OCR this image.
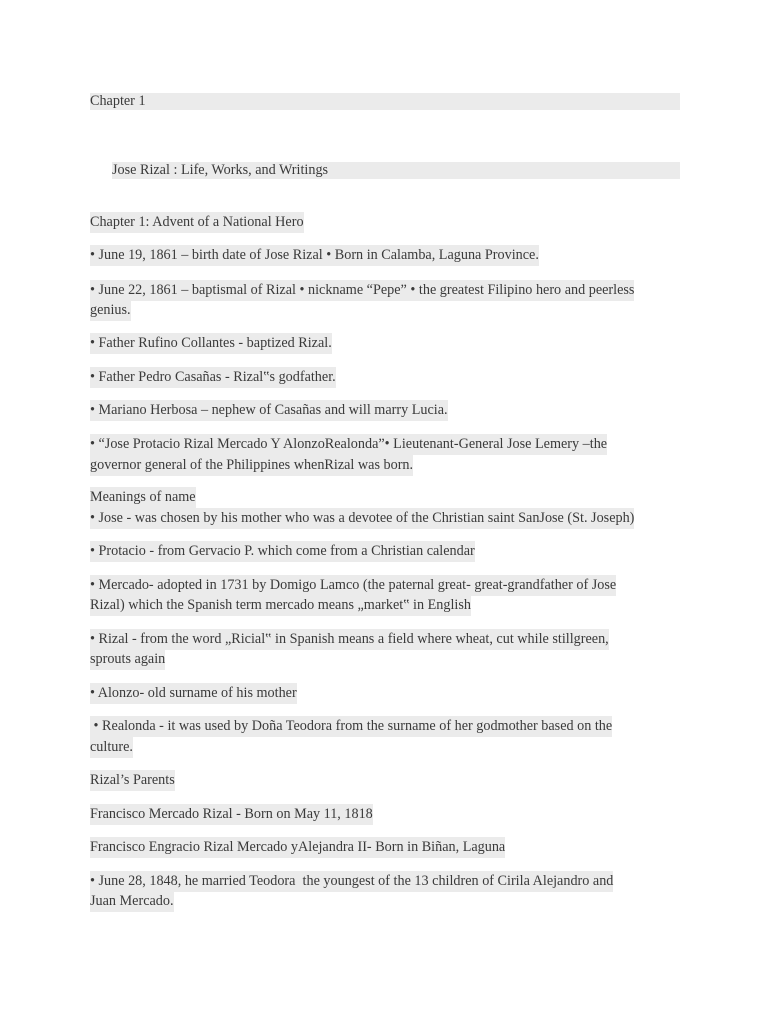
Chapter 1
Jose Rizal : Life, Works, and Writings
Chapter 1: Advent of a National Hero
• June 19, 1861 – birth date of Jose Rizal • Born in Calamba, Laguna Province.
• June 22, 1861 – baptismal of Rizal • nickname “Pepe” • the greatest Filipino hero and peerless
genius.
• Father Rufino Collantes - baptized Rizal.
• Father Pedro Casañas - Rizal‟s godfather.
• Mariano Herbosa – nephew of Casañas and will marry Lucia.
• “Jose Protacio Rizal Mercado Y AlonzoRealonda”• Lieutenant-General Jose Lemery –the
governor general of the Philippines whenRizal was born.
Meanings of name
• Jose - was chosen by his mother who was a devotee of the Christian saint SanJose (St. Joseph)
• Protacio - from Gervacio P. which come from a Christian calendar
• Mercado- adopted in 1731 by Domigo Lamco (the paternal great- great-grandfather of Jose
Rizal) which the Spanish term mercado means „market‟ in English
• Rizal - from the word „Ricial‟ in Spanish means a field where wheat, cut while stillgreen,
sprouts again
• Alonzo- old surname of his mother
• Realonda - it was used by Doña Teodora from the surname of her godmother based on the
culture.
Rizal’s Parents
Francisco Mercado Rizal - Born on May 11, 1818
Francisco Engracio Rizal Mercado yAlejandra II- Born in Biñan, Laguna
• June 28, 1848, he married Teodora  the youngest of the 13 children of Cirila Alejandro and
Juan Mercado.
